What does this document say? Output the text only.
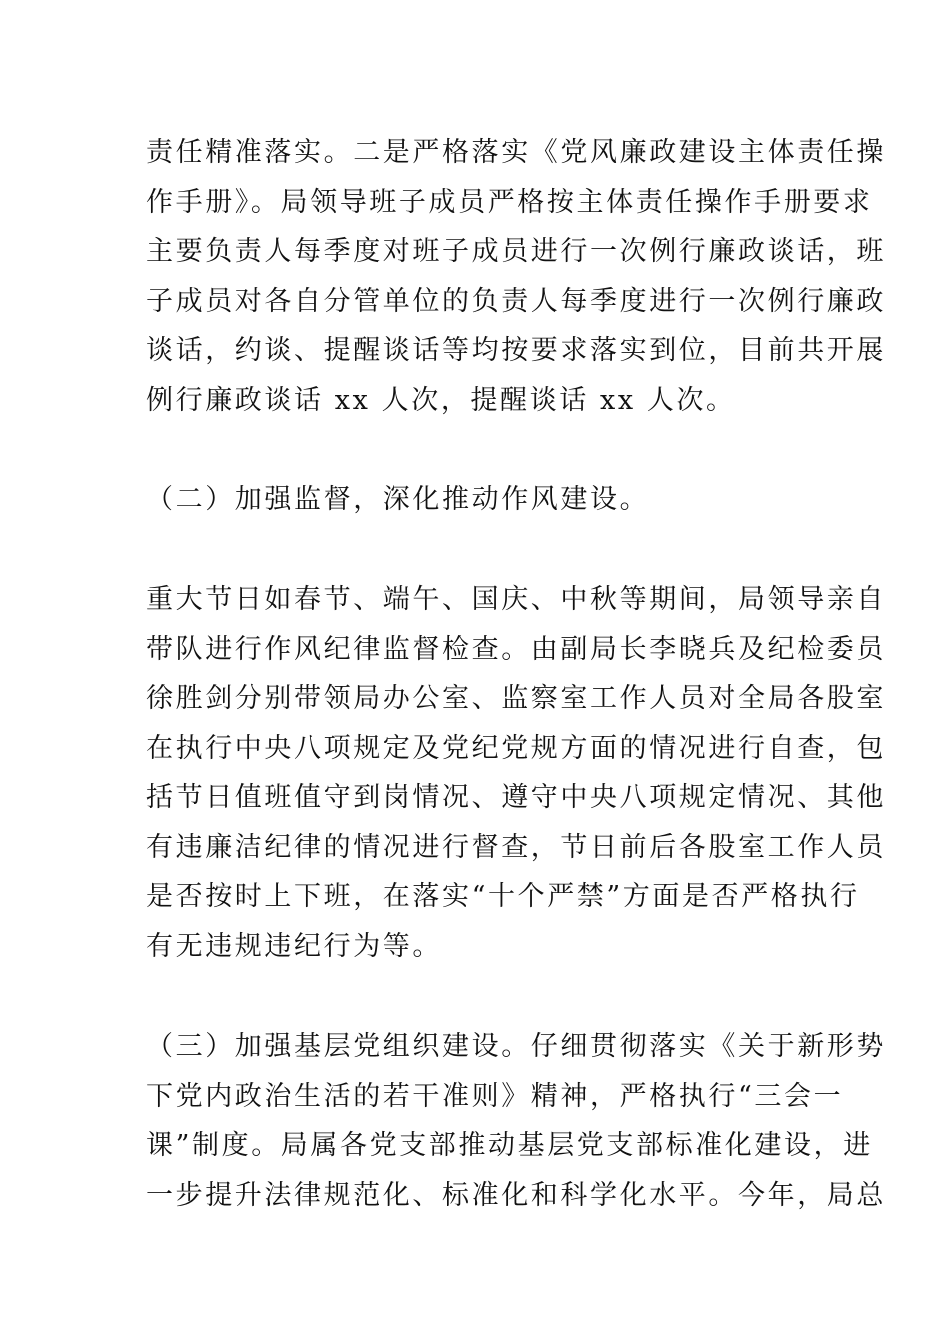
责任精准落实。二是严格落实《党风廉政建设主体责任操
作手册》。局领导班子成员严格按主体责任操作手册要求
主要负责人每季度对班子成员进行一次例行廉政谈话，班
子成员对各自分管单位的负责人每季度进行一次例行廉政
谈话，约谈、提醒谈话等均按要求落实到位，目前共开展
例行廉政谈话 xx 人次，提醒谈话 xx 人次。
（二）加强监督，深化推动作风建设。
重大节日如春节、端午、国庆、中秋等期间，局领导亲自
带队进行作风纪律监督检查。由副局长李晓兵及纪检委员
徐胜剑分别带领局办公室、监察室工作人员对全局各股室
在执行中央八项规定及党纪党规方面的情况进行自查，包
括节日值班值守到岗情况、遵守中央八项规定情况、其他
有违廉洁纪律的情况进行督查，节日前后各股室工作人员
是否按时上下班，在落实“十个严禁”方面是否严格执行
有无违规违纪行为等。
（三）加强基层党组织建设。仔细贯彻落实《关于新形势
下党内政治生活的若干准则》精神，严格执行“三会一
课”制度。局属各党支部推动基层党支部标准化建设，进
一步提升法律规范化、标准化和科学化水平。今年，局总
